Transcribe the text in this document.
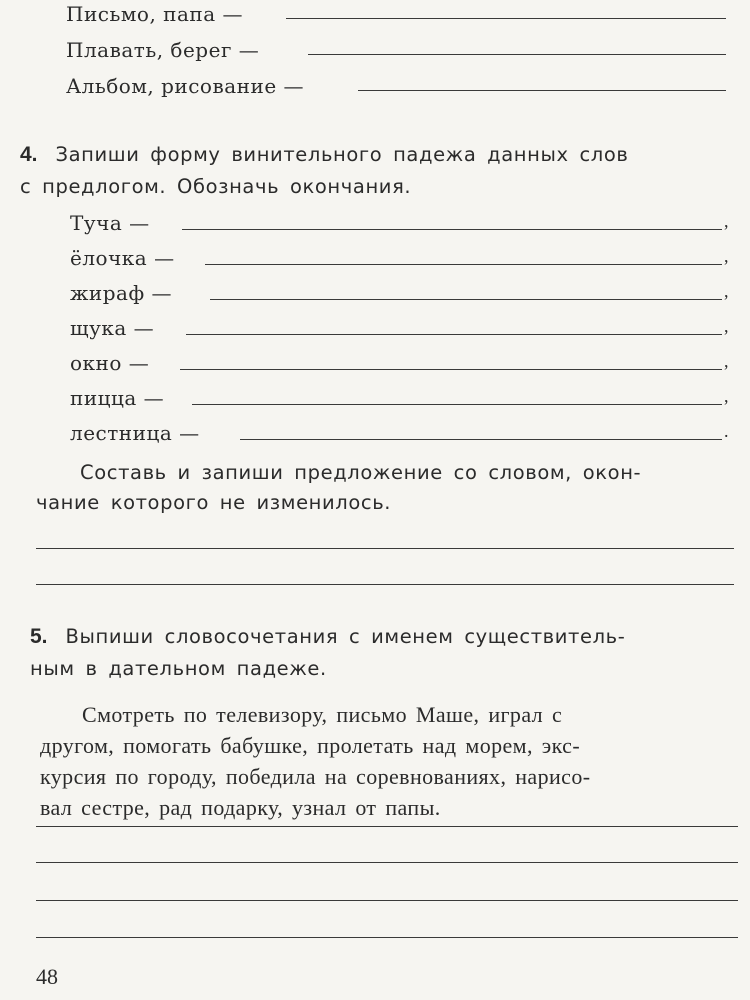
Письмо, папа —
Плавать, берег —
Альбом, рисование —
4. Запиши форму винительного падежа данных слов
с предлогом. Обозначь окончания.
Туча —	,
ёлочка —	,
жираф —	,
щука —	,
окно —	,
пицца —	,
лестница —	.
Составь и запиши предложение со словом, окон-
чание которого не изменилось.
5. Выпиши словосочетания с именем существитель-
ным в дательном падеже.
Смотреть по телевизору, письмо Маше, играл с
другом, помогать бабушке, пролетать над морем, экс-
курсия по городу, победила на соревнованиях, нарисо-
вал сестре, рад подарку, узнал от папы.
48
